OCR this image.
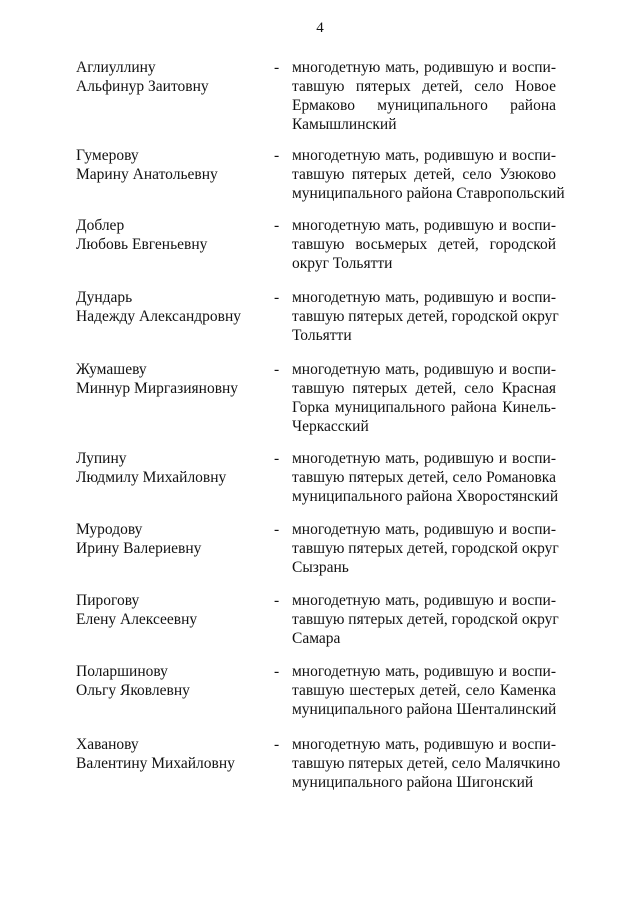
4
Аглиуллину
Альфинур Заитовну
- многодетную мать, родившую и воспи-
тавшую пятерых детей, село Новое
Ермаково муниципального района
Камышлинский
Гумерову
Марину Анатольевну
- многодетную мать, родившую и воспи-
тавшую пятерых детей, село Узюково
муниципального района Ставропольский
Доблер
Любовь Евгеньевну
- многодетную мать, родившую и воспи-
тавшую восьмерых детей, городской
округ Тольятти
Дундарь
Надежду Александровну
- многодетную мать, родившую и воспи-
тавшую пятерых детей, городской округ
Тольятти
Жумашеву
Миннур Миргазияновну
- многодетную мать, родившую и воспи-
тавшую пятерых детей, село Красная
Горка муниципального района Кинель-
Черкасский
Лупину
Людмилу Михайловну
- многодетную мать, родившую и воспи-
тавшую пятерых детей, село Романовка
муниципального района Хворостянский
Муродову
Ирину Валериевну
- многодетную мать, родившую и воспи-
тавшую пятерых детей, городской округ
Сызрань
Пирогову
Елену Алексеевну
- многодетную мать, родившую и воспи-
тавшую пятерых детей, городской округ
Самара
Поларшинову
Ольгу Яковлевну
- многодетную мать, родившую и воспи-
тавшую шестерых детей, село Каменка
муниципального района Шенталинский
Хаванову
Валентину Михайловну
- многодетную мать, родившую и воспи-
тавшую пятерых детей, село Малячкино
муниципального района Шигонский
